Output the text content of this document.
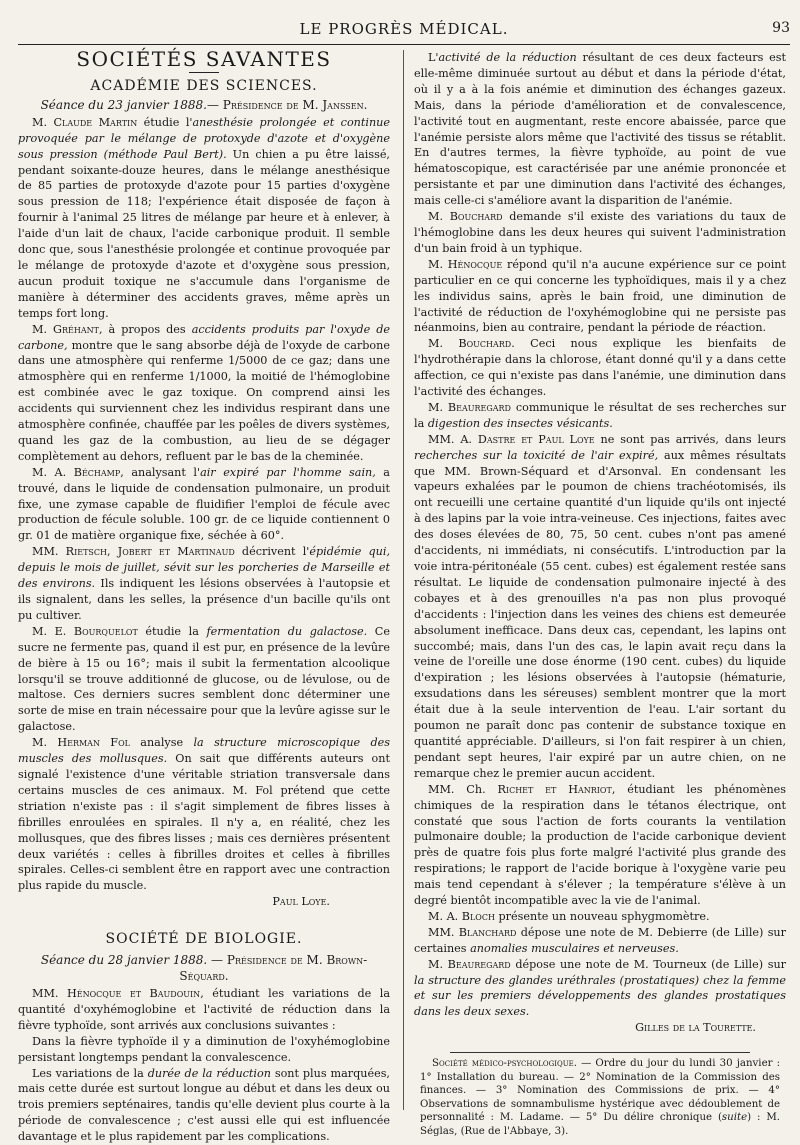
LE PROGRÈS MÉDICAL.	93
SOCIÉTÉS SAVANTES
ACADÉMIE DES SCIENCES.
Séance du 23 janvier 1888.— Présidence de M. Janssen.

M. Claude Martin étudie l'anesthésie prolongée et continue provoquée par le mélange de protoxyde d'azote et d'oxygène sous pression (méthode Paul Bert). Un chien a pu être laissé, pendant soixante-douze heures, dans le mélange anesthésique de 85 parties de protoxyde d'azote pour 15 parties d'oxygène sous pression de 118; l'expérience était disposée de façon à fournir à l'animal 25 litres de mélange par heure et à enlever, à l'aide d'un lait de chaux, l'acide carbonique produit. Il semble donc que, sous l'anesthésie prolongée et continue provoquée par le mélange de protoxyde d'azote et d'oxygène sous pression, aucun produit toxique ne s'accumule dans l'organisme de manière à déterminer des accidents graves, même après un temps fort long.

M. Gréhant, à propos des accidents produits par l'oxyde de carbone, montre que le sang absorbe déjà de l'oxyde de carbone dans une atmosphère qui renferme 1/5000 de ce gaz; dans une atmosphère qui en renferme 1/1000, la moitié de l'hémoglobine est combinée avec le gaz toxique. On comprend ainsi les accidents qui surviennent chez les individus respirant dans une atmosphère confinée, chauffée par les poêles de divers systèmes, quand les gaz de la combustion, au lieu de se dégager complètement au dehors, refluent par le bas de la cheminée.

M. A. Béchamp, analysant l'air expiré par l'homme sain, a trouvé, dans le liquide de condensation pulmonaire, un produit fixe, une zymase capable de fluidifier l'emploi de fécule avec production de fécule soluble. 100 gr. de ce liquide contiennent 0 gr. 01 de matière organique fixe, séchée à 60°.

MM. Rietsch, Jobert et Martinaud décrivent l'épidémie qui, depuis le mois de juillet, sévit sur les porcheries de Marseille et des environs. Ils indiquent les lésions observées à l'autopsie et ils signalent, dans les selles, la présence d'un bacille qu'ils ont pu cultiver.

M. E. Bourquelot étudie la fermentation du galactose. Ce sucre ne fermente pas, quand il est pur, en présence de la levûre de bière à 15 ou 16°; mais il subit la fermentation alcoolique lorsqu'il se trouve additionné de glucose, ou de lévulose, ou de maltose. Ces derniers sucres semblent donc déterminer une sorte de mise en train nécessaire pour que la levûre agisse sur le galactose.

M. Herman Fol analyse la structure microscopique des muscles des mollusques. On sait que différents auteurs ont signalé l'existence d'une véritable striation transversale dans certains muscles de ces animaux. M. Fol prétend que cette striation n'existe pas : il s'agit simplement de fibres lisses à fibrilles enroulées en spirales. Il n'y a, en réalité, chez les mollusques, que des fibres lisses ; mais ces dernières présentent deux variétés : celles à fibrilles droites et celles à fibrilles spirales. Celles-ci semblent être en rapport avec une contraction plus rapide du muscle.

Paul Loye.
SOCIÉTÉ DE BIOLOGIE.
Séance du 28 janvier 1888. — Présidence de M. Brown-Séquard.

MM. Hénocque et Baudouin, étudiant les variations de la quantité d'oxyhémoglobine et l'activité de réduction dans la fièvre typhoïde, sont arrivés aux conclusions suivantes :

Dans la fièvre typhoïde il y a diminution de l'oxyhémoglobine persistant longtemps pendant la convalescence.

Les variations de la durée de la réduction sont plus marquées, mais cette durée est surtout longue au début et dans les deux ou trois premiers septénaires, tandis qu'elle devient plus courte à la période de convalescence ; c'est aussi elle qui est influencée davantage et le plus rapidement par les complications.

L'activité de la réduction résultant de ces deux facteurs est elle-même diminuée surtout au début et dans la période d'état, où il y a à la fois anémie et diminution des échanges gazeux. Mais, dans la période d'amélioration et de convalescence, l'activité tout en augmentant, reste encore abaissée, parce que l'anémie persiste alors même que l'activité des tissus se rétablit. En d'autres termes, la fièvre typhoïde, au point de vue hématoscopique, est caractérisée par une anémie prononcée et persistante et par une diminution dans l'activité des échanges, mais celle-ci s'améliore avant la disparition de l'anémie.

M. Bouchard demande s'il existe des variations du taux de l'hémoglobine dans les deux heures qui suivent l'administration d'un bain froid à un typhique.

M. Hénocque répond qu'il n'a aucune expérience sur ce point particulier en ce qui concerne les typhoïdiques, mais il y a chez les individus sains, après le bain froid, une diminution de l'activité de réduction de l'oxyhémoglobine qui ne persiste pas néanmoins, bien au contraire, pendant la période de réaction.

M. Bouchard. Ceci nous explique les bienfaits de l'hydrothérapie dans la chlorose, étant donné qu'il y a dans cette affection, ce qui n'existe pas dans l'anémie, une diminution dans l'activité des échanges.

M. Beauregard communique le résultat de ses recherches sur la digestion des insectes vésicants.

MM. A. Dastre et Paul Loye ne sont pas arrivés, dans leurs recherches sur la toxicité de l'air expiré, aux mêmes résultats que MM. Brown-Séquard et d'Arsonval. En condensant les vapeurs exhalées par le poumon de chiens trachéotomisés, ils ont recueilli une certaine quantité d'un liquide qu'ils ont injecté à des lapins par la voie intra-veineuse. Ces injections, faites avec des doses élevées de 80, 75, 50 cent. cubes n'ont pas amené d'accidents, ni immédiats, ni consécutifs. L'introduction par la voie intra-péritonéale (55 cent. cubes) est également restée sans résultat. Le liquide de condensation pulmonaire injecté à des cobayes et à des grenouilles n'a pas non plus provoqué d'accidents : l'injection dans les veines des chiens est demeurée absolument inefficace. Dans deux cas, cependant, les lapins ont succombé; mais, dans l'un des cas, le lapin avait reçu dans la veine de l'oreille une dose énorme (190 cent. cubes) du liquide d'expiration ; les lésions observées à l'autopsie (hématurie, exsudations dans les séreuses) semblent montrer que la mort était due à la seule intervention de l'eau. L'air sortant du poumon ne paraît donc pas contenir de substance toxique en quantité appréciable. D'ailleurs, si l'on fait respirer à un chien, pendant sept heures, l'air expiré par un autre chien, on ne remarque chez le premier aucun accident.

MM. Ch. Richet et Hanriot, étudiant les phénomènes chimiques de la respiration dans le tétanos électrique, ont constaté que sous l'action de forts courants la ventilation pulmonaire double; la production de l'acide carbonique devient près de quatre fois plus forte malgré l'activité plus grande des respirations; le rapport de l'acide borique à l'oxygène varie peu mais tend cependant à s'élever ; la température s'élève à un degré bientôt incompatible avec la vie de l'animal.

M. A. Bloch présente un nouveau sphygmomètre.

MM. Blanchard dépose une note de M. Debierre (de Lille) sur certaines anomalies musculaires et nerveuses.

M. Beauregard dépose une note de M. Tourneux (de Lille) sur la structure des glandes uréthrales (prostatiques) chez la femme et sur les premiers développements des glandes prostatiques dans les deux sexes.

Gilles de la Tourette.

Société médico-psychologique. — Ordre du jour du lundi 30 janvier : 1° Installation du bureau. — 2° Nomination de la Commission des finances. — 3° Nomination des Commissions de prix. — 4° Observations de somnambulisme hystérique avec dédoublement de personnalité : M. Ladame. — 5° Du délire chronique (suite) : M. Séglas, (Rue de l'Abbaye, 3).
